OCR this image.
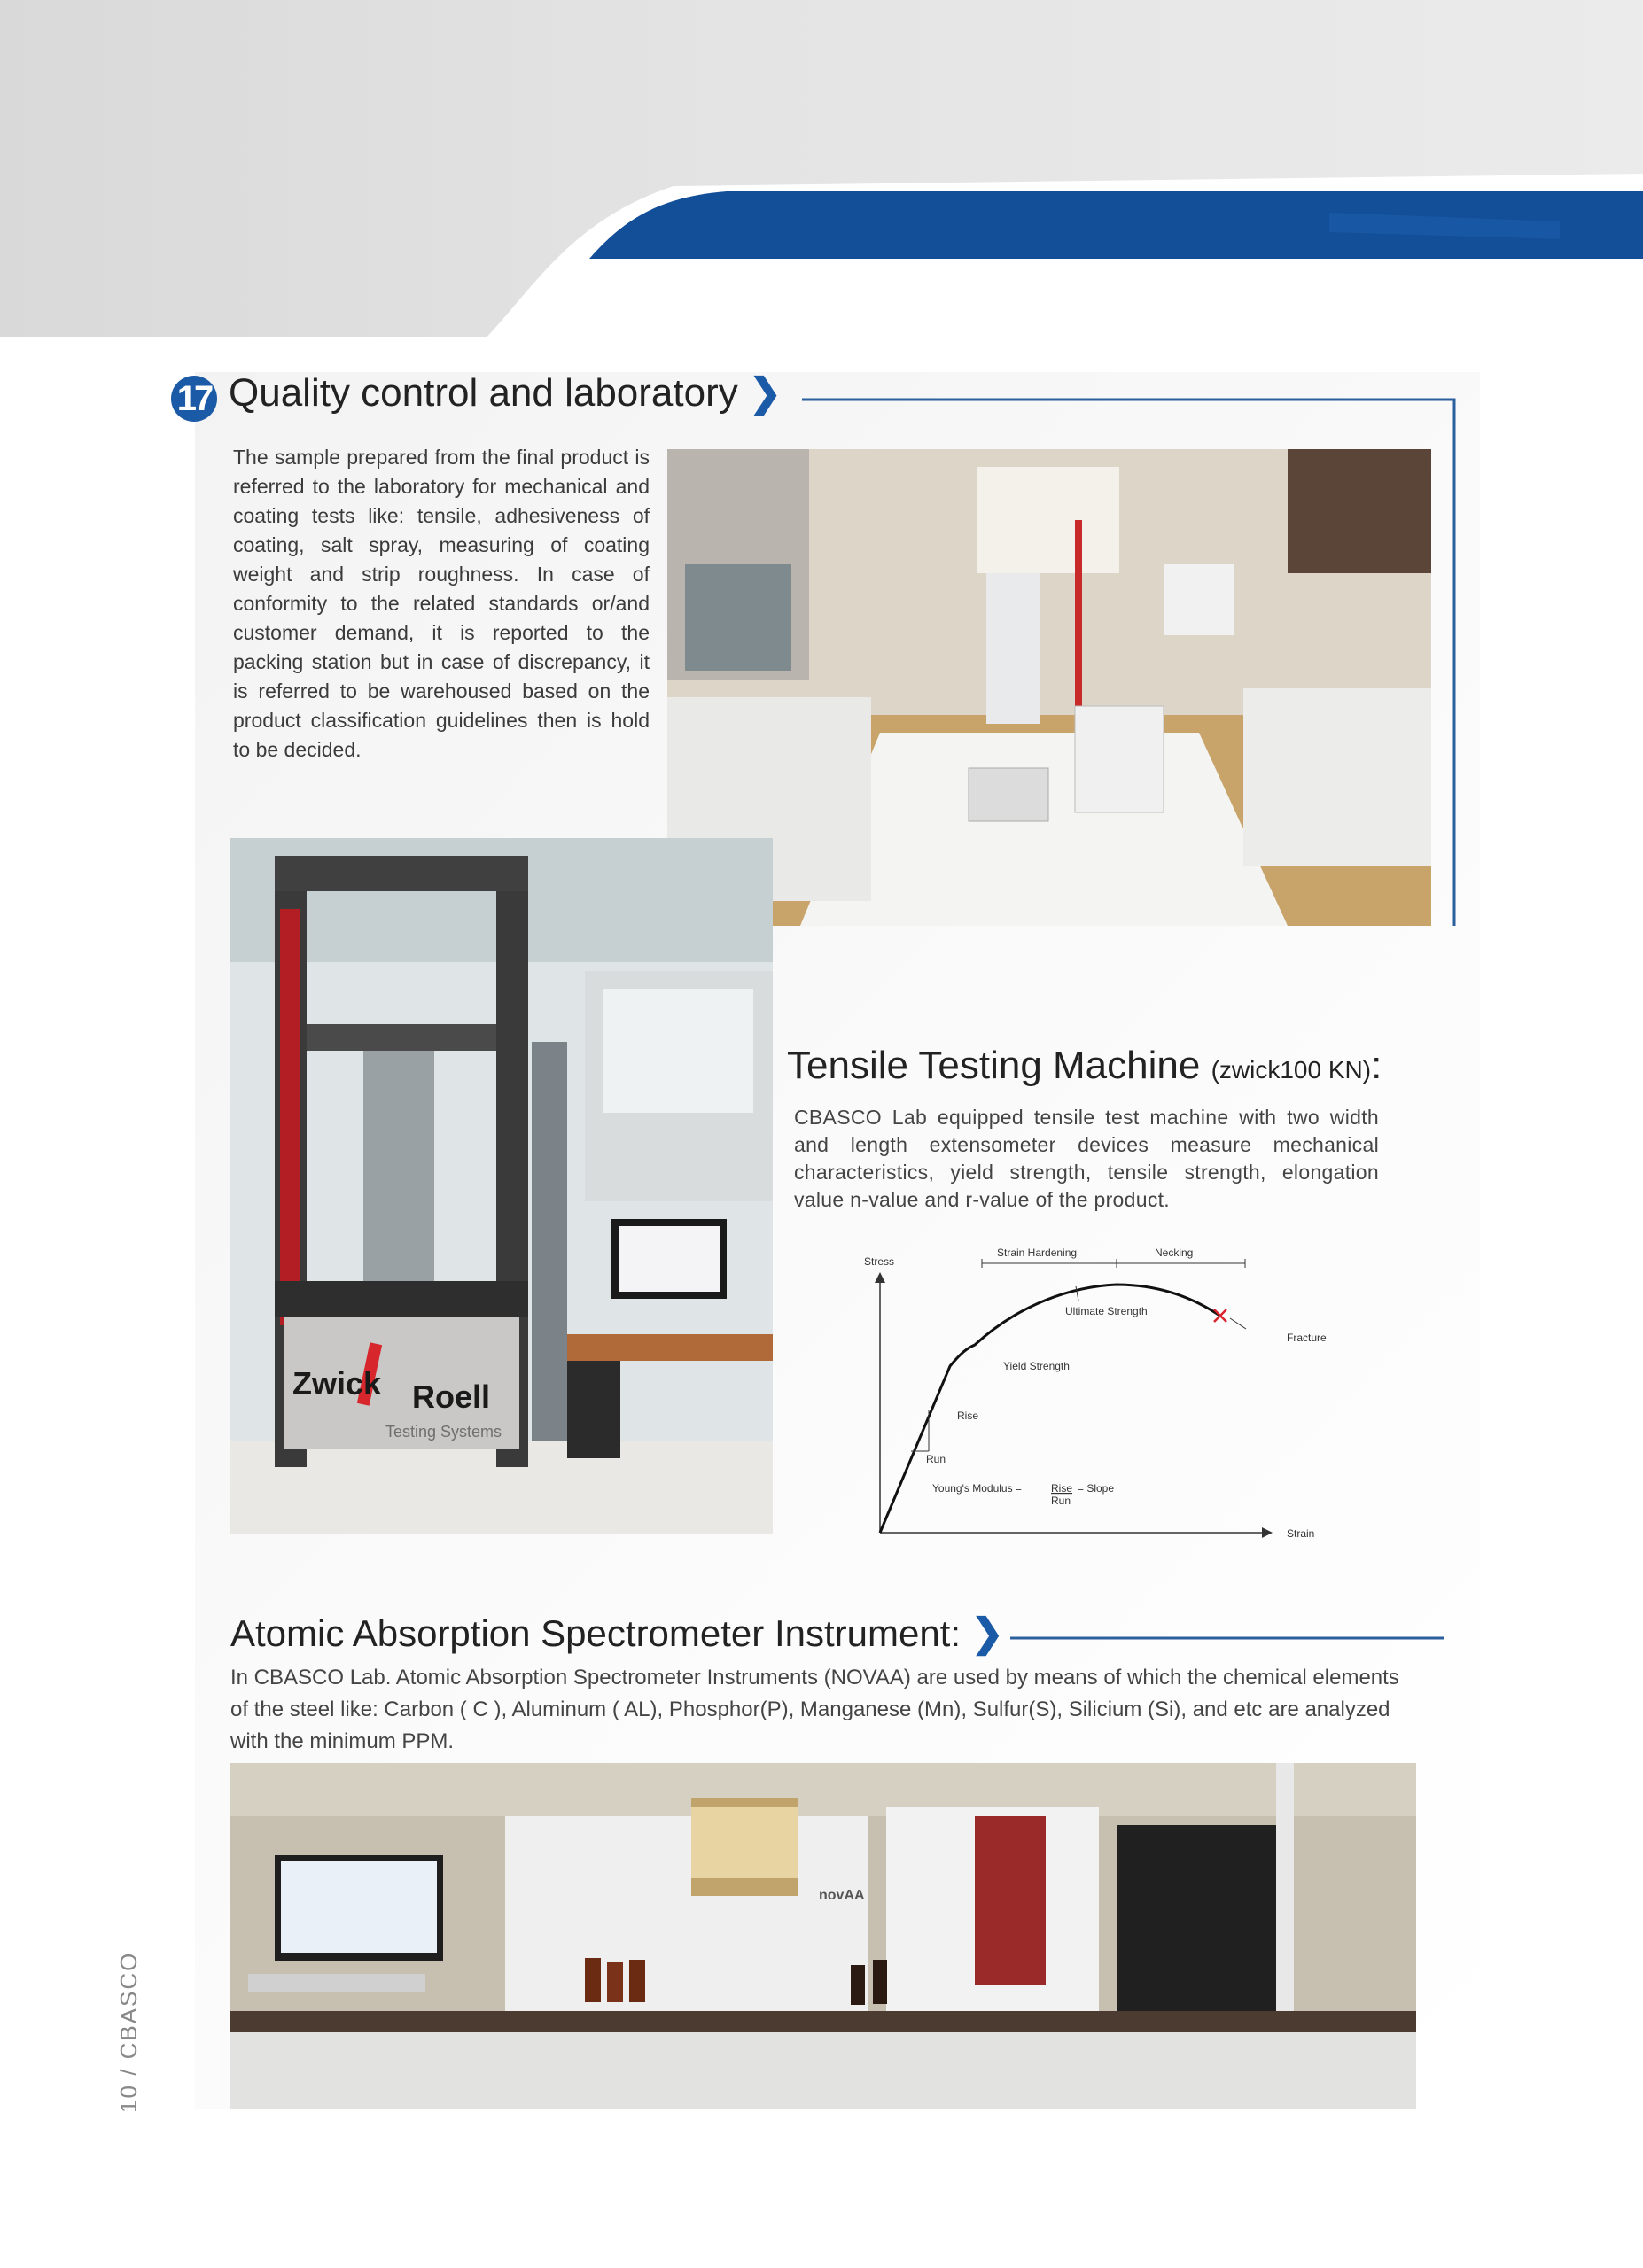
17 Quality control and laboratory ❯
The sample prepared from the final product is referred to the laboratory for mechanical and coating tests like: tensile, adhesiveness of coating, salt spray, measuring of coating weight and strip roughness. In case of conformity to the related standards or/and customer demand, it is reported to the packing station but in case of discrepancy, it is referred to be warehoused based on the product classification guidelines then is hold to be decided.
Zwick Roell
Testing Systems
Tensile Testing Machine (zwick100 KN):
CBASCO Lab equipped tensile test machine with two width and length extensometer devices measure mechanical characteristics, yield strength, tensile strength, elongation value n-value and r-value of the product.
Stress
Strain
Strain Hardening	Necking
Ultimate Strength
Fracture
Yield Strength
Rise
Run
Young's Modulus =	Rise
Run
= Slope
Atomic Absorption Spectrometer Instrument: ❯
In CBASCO Lab. Atomic Absorption Spectrometer Instruments (NOVAA) are used by means of which the chemical elements of the steel like: Carbon ( C ), Aluminum ( AL), Phosphor(P), Manganese (Mn), Sulfur(S), Silicium (Si), and etc are analyzed with the minimum PPM.
novAA
10 / CBASCO
